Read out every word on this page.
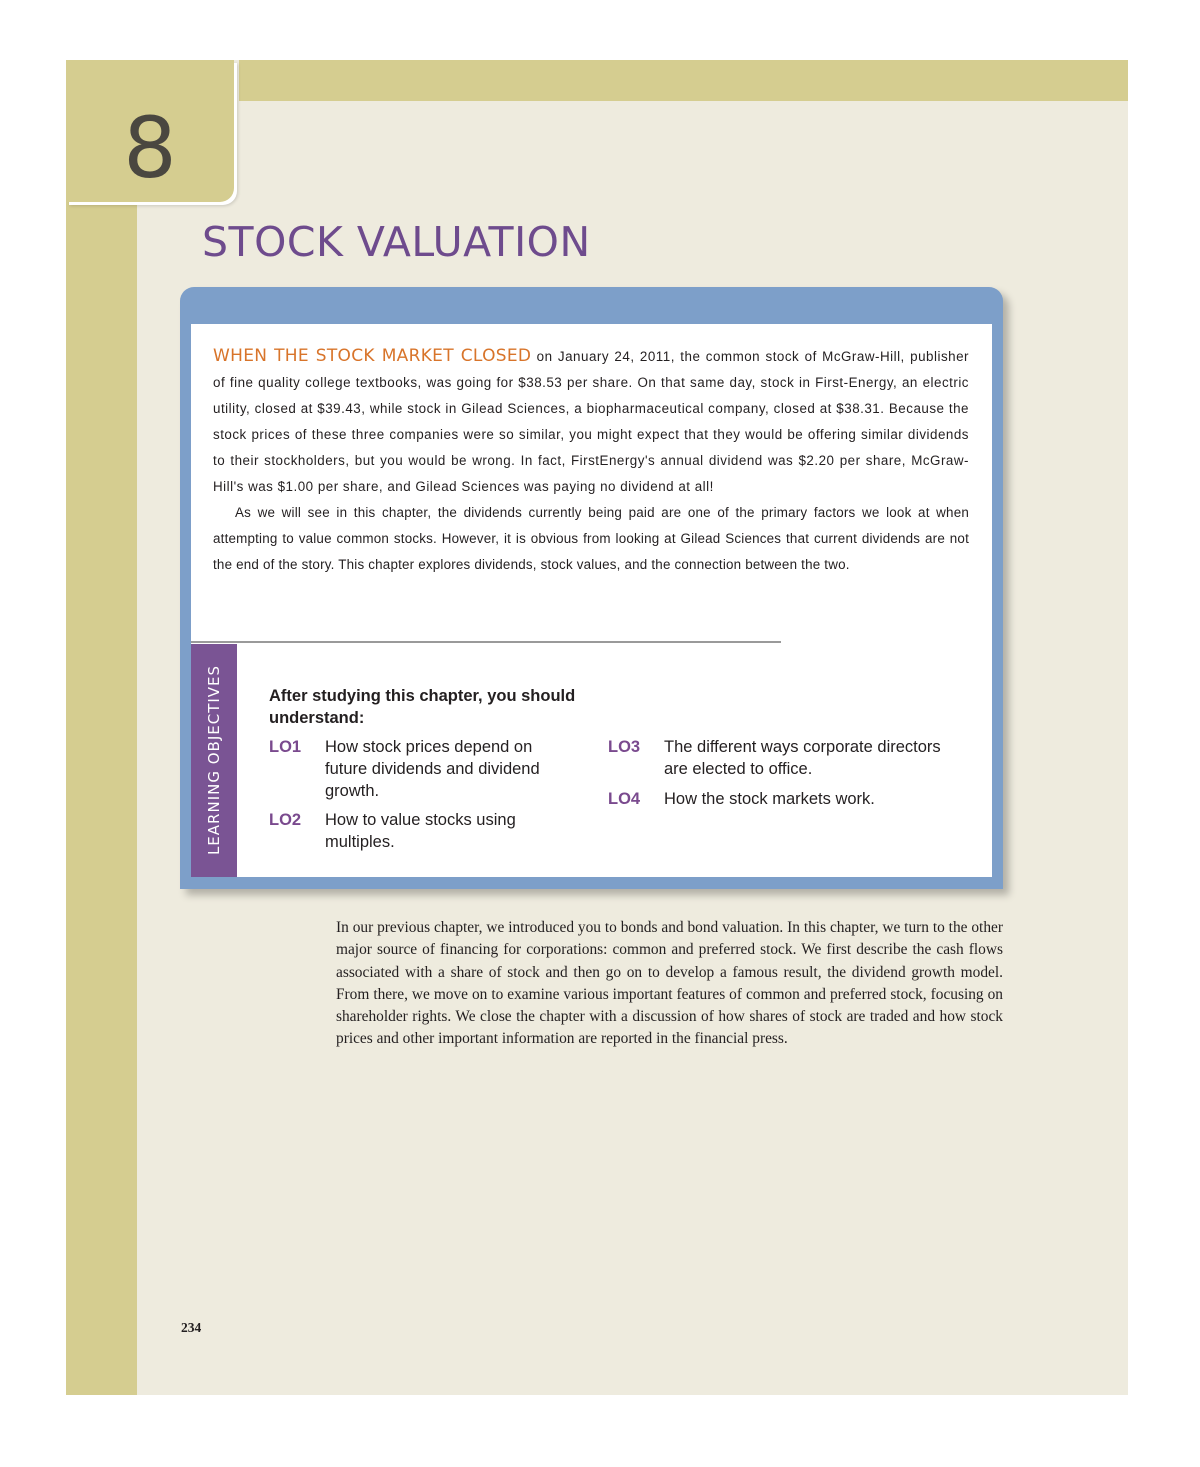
8
STOCK VALUATION

WHEN THE STOCK MARKET CLOSED on January 24, 2011, the common stock of McGraw-Hill, publisher of fine quality college textbooks, was going for $38.53 per share. On that same day, stock in First-Energy, an electric utility, closed at $39.43, while stock in Gilead Sciences, a biopharmaceutical company, closed at $38.31. Because the stock prices of these three companies were so similar, you might expect that they would be offering similar dividends to their stockholders, but you would be wrong. In fact, FirstEnergy's annual dividend was $2.20 per share, McGraw-Hill's was $1.00 per share, and Gilead Sciences was paying no dividend at all!

As we will see in this chapter, the dividends currently being paid are one of the primary factors we look at when attempting to value common stocks. However, it is obvious from looking at Gilead Sciences that current dividends are not the end of the story. This chapter explores dividends, stock values, and the connection between the two.

LEARNING OBJECTIVES	After studying this chapter, you should understand:
LO1 How stock prices depend on future dividends and dividend growth.
LO2 How to value stocks using multiples.
LO3 The different ways corporate directors are elected to office.
LO4 How the stock markets work.

In our previous chapter, we introduced you to bonds and bond valuation. In this chapter, we turn to the other major source of financing for corporations: common and preferred stock. We first describe the cash flows associated with a share of stock and then go on to develop a famous result, the dividend growth model. From there, we move on to examine various important features of common and preferred stock, focusing on shareholder rights. We close the chapter with a discussion of how shares of stock are traded and how stock prices and other important information are reported in the financial press.

234
